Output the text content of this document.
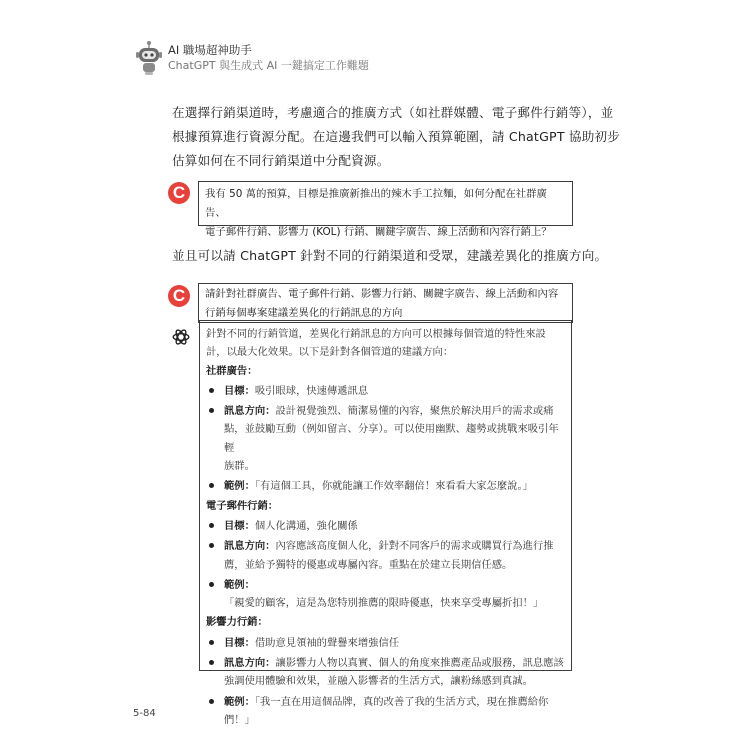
AI 職場超神助手
ChatGPT 與生成式 AI 一鍵搞定工作難題
在選擇行銷渠道時，考慮適合的推廣方式（如社群媒體、電子郵件行銷等），並
根據預算進行資源分配。在這邊我們可以輸入預算範圍，請 ChatGPT 協助初步
估算如何在不同行銷渠道中分配資源。
C	我有 50 萬的預算，目標是推廣新推出的辣木手工拉麵，如何分配在社群廣告、
電子郵件行銷、影響力 (KOL) 行銷、關鍵字廣告、線上活動和內容行銷上？
並且可以請 ChatGPT 針對不同的行銷渠道和受眾，建議差異化的推廣方向。
C	請針對社群廣告、電子郵件行銷、影響力行銷、關鍵字廣告、線上活動和內容
行銷每個專案建議差異化的行銷訊息的方向
針對不同的行銷管道，差異化行銷訊息的方向可以根據每個管道的特性來設
計，以最大化效果。以下是針對各個管道的建議方向：
社群廣告：
目標：吸引眼球，快速傳遞訊息
訊息方向：設計視覺強烈、簡潔易懂的內容，聚焦於解決用戶的需求或痛
點，並鼓勵互動（例如留言、分享）。可以使用幽默、趨勢或挑戰來吸引年輕
族群。
範例：「有這個工具，你就能讓工作效率翻倍！來看看大家怎麼說。」
電子郵件行銷：
目標：個人化溝通，強化關係
訊息方向：內容應該高度個人化，針對不同客戶的需求或購買行為進行推
薦，並給予獨特的優惠或專屬內容。重點在於建立長期信任感。
範例：「親愛的顧客，這是為您特別推薦的限時優惠，快來享受專屬折扣！」
影響力行銷：
目標：借助意見領袖的聲譽來增強信任
訊息方向：讓影響力人物以真實、個人的角度來推薦產品或服務，訊息應該
強調使用體驗和效果，並融入影響者的生活方式，讓粉絲感到真誠。
範例：「我一直在用這個品牌，真的改善了我的生活方式，現在推薦給你們！」
5-84
